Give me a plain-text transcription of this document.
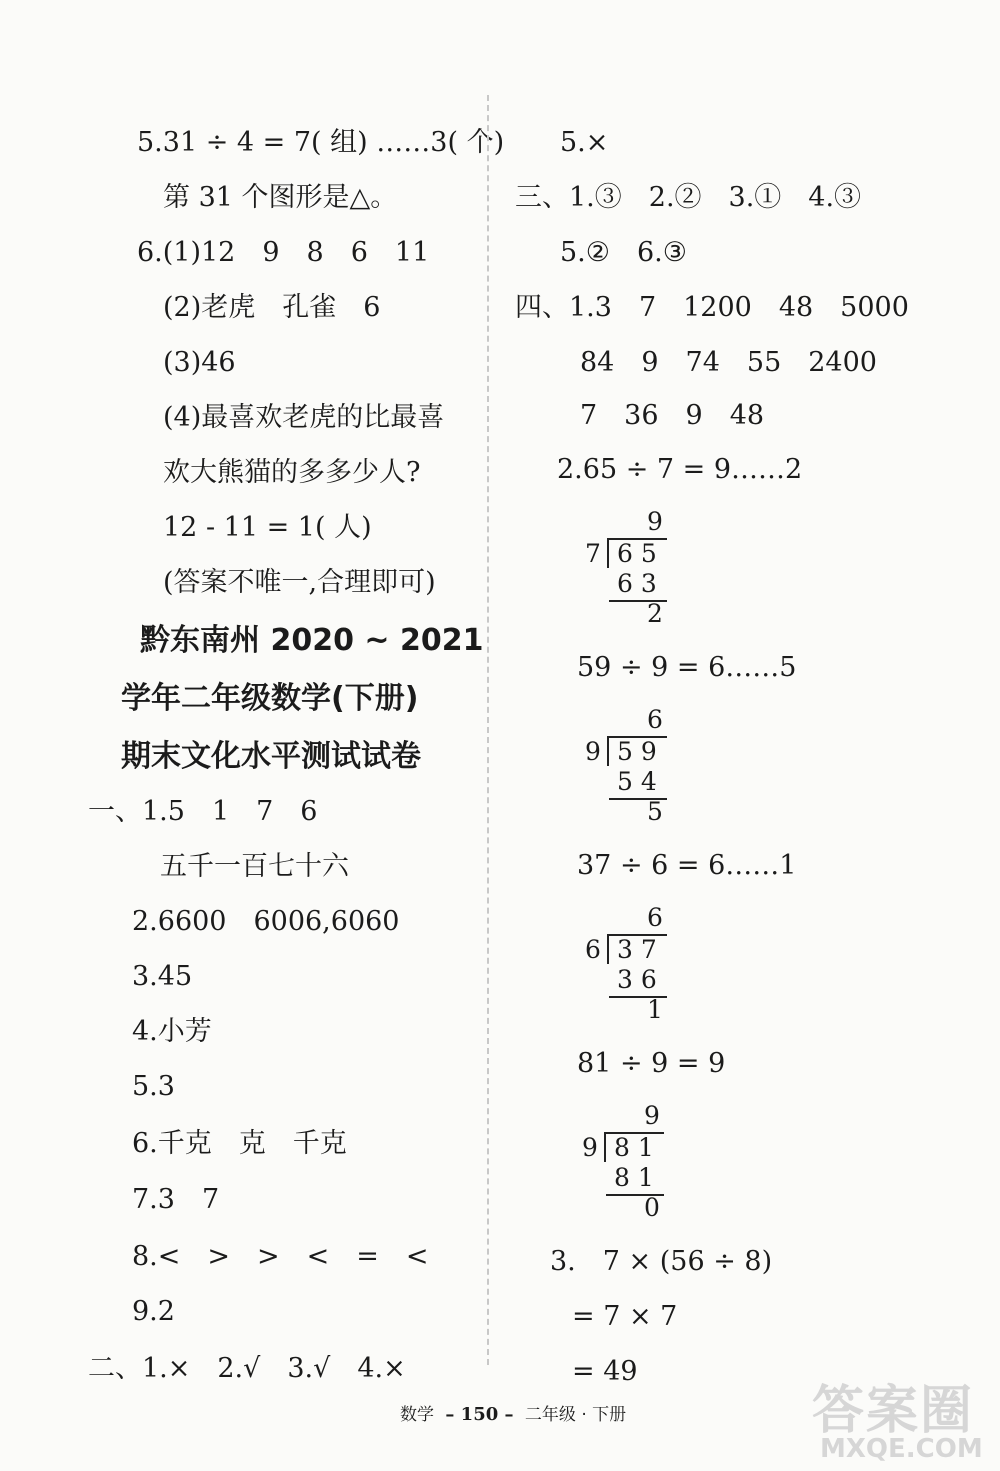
5.31 ÷ 4 = 7( 组) ……3( 个)
第 31 个图形是△。
6.(1)12　9　8　6　11
(2)老虎　孔雀　6
(3)46
(4)最喜欢老虎的比最喜
欢大熊猫的多多少人?
12 - 11 = 1( 人)
(答案不唯一,合理即可)
黔东南州 2020 ~ 2021
学年二年级数学(下册)
期末文化水平测试试卷
一、1.5　1　7　6
五千一百七十六
2.6600　6006,6060
3.45
4.小芳
5.3
6.千克　克　千克
7.3　7
8.<　>　>　<　=　<
9.2
二、1.×　2.√　3.√　4.×
5.×
三、1.③　2.②　3.①　4.③
5.②　6.③
四、1.3　7　1200　48　5000
84　9　74　55　2400
7　36　9　48
2.65 ÷ 7 = 9……2
9
7 6 5
6 3
2
59 ÷ 9 = 6……5
6
9 5 9
5 4
5
37 ÷ 6 = 6……1
6
6 3 7
3 6
1
81 ÷ 9 = 9
9
9 8 1
8 1
0
3.　7 × (56 ÷ 8)
= 7 × 7
= 49
数学 – 150 – 二年级 · 下册	答案圈
MXQE.COM
